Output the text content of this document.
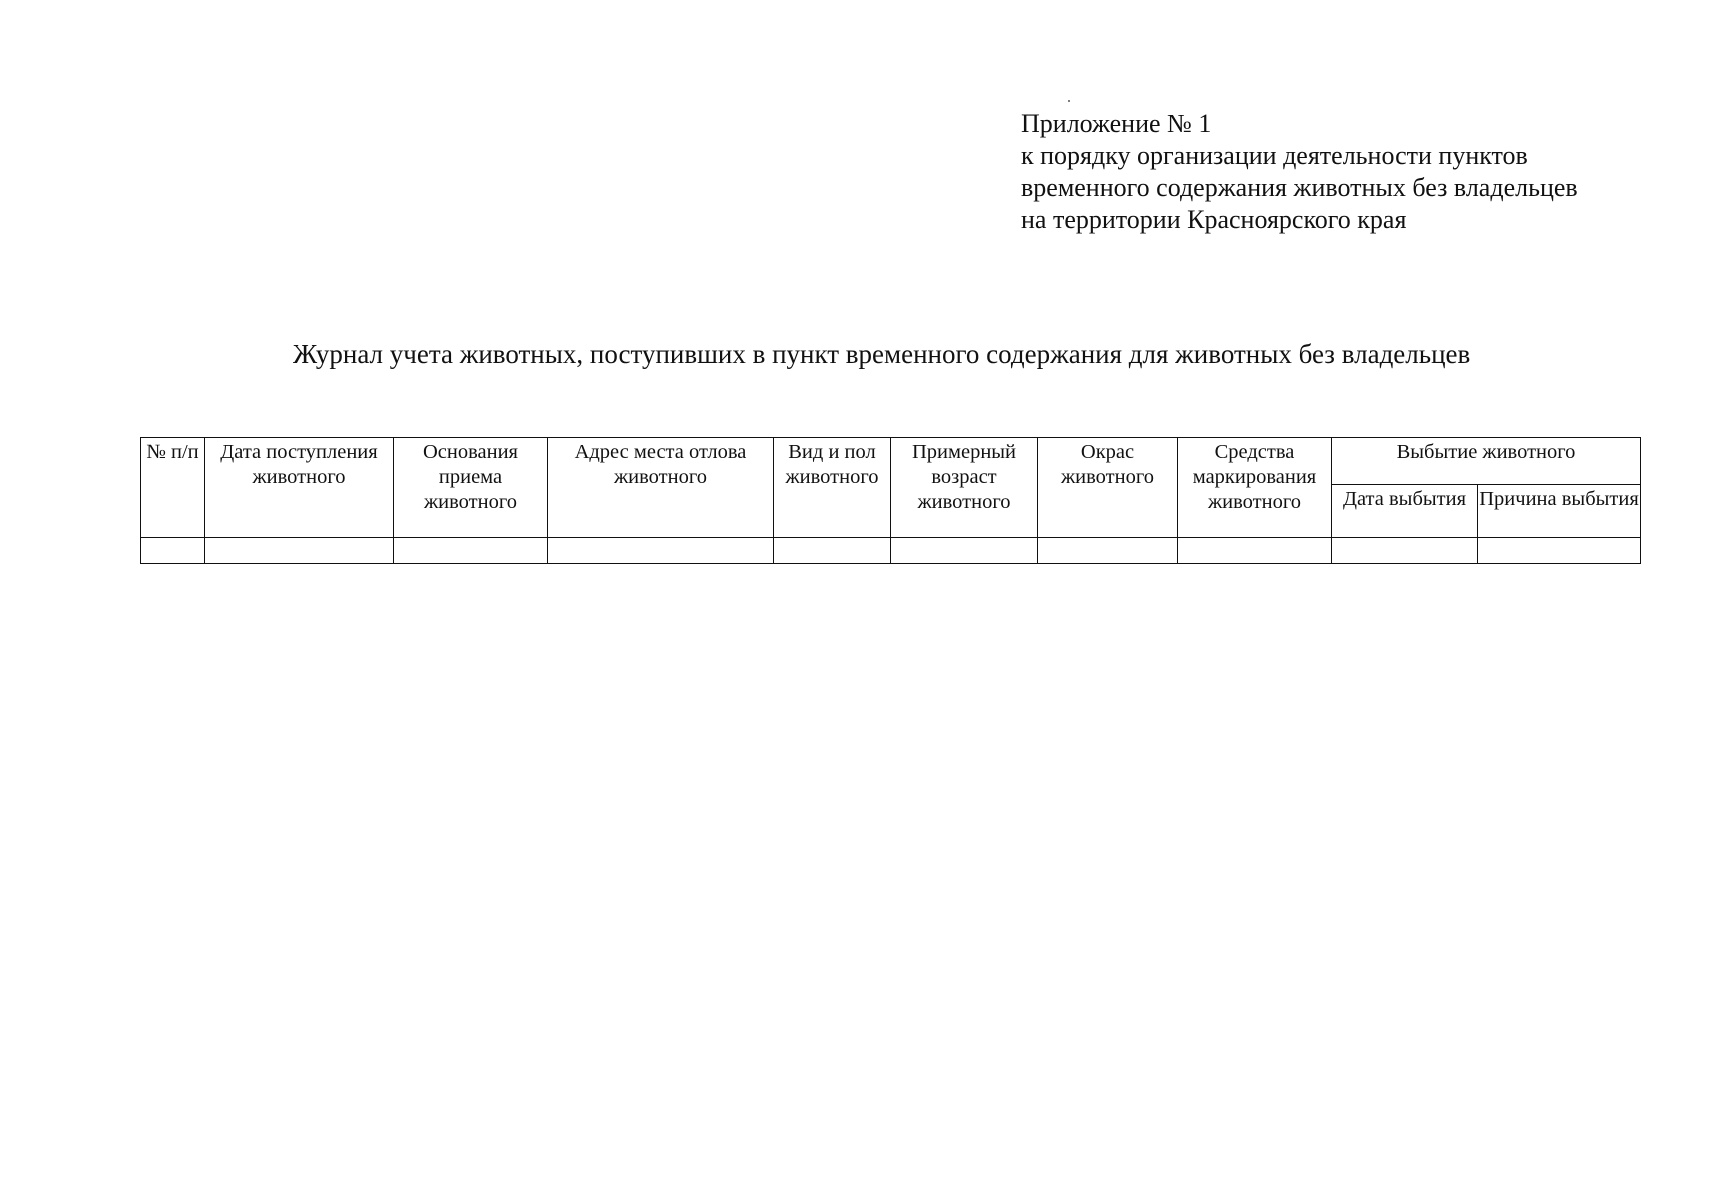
Приложение № 1
к порядку организации деятельности пунктов
временного содержания животных без владельцев
на территории Красноярского края
Журнал учета животных, поступивших в пункт временного содержания для животных без владельцев
№ п/п	Дата поступления животного	Основания приема животного	Адрес места отлова животного	Вид и пол животного	Примерный возраст животного	Окрас животного	Средства маркирования животного	Выбытие животного	
								Дата выбытия	Причина выбытия
